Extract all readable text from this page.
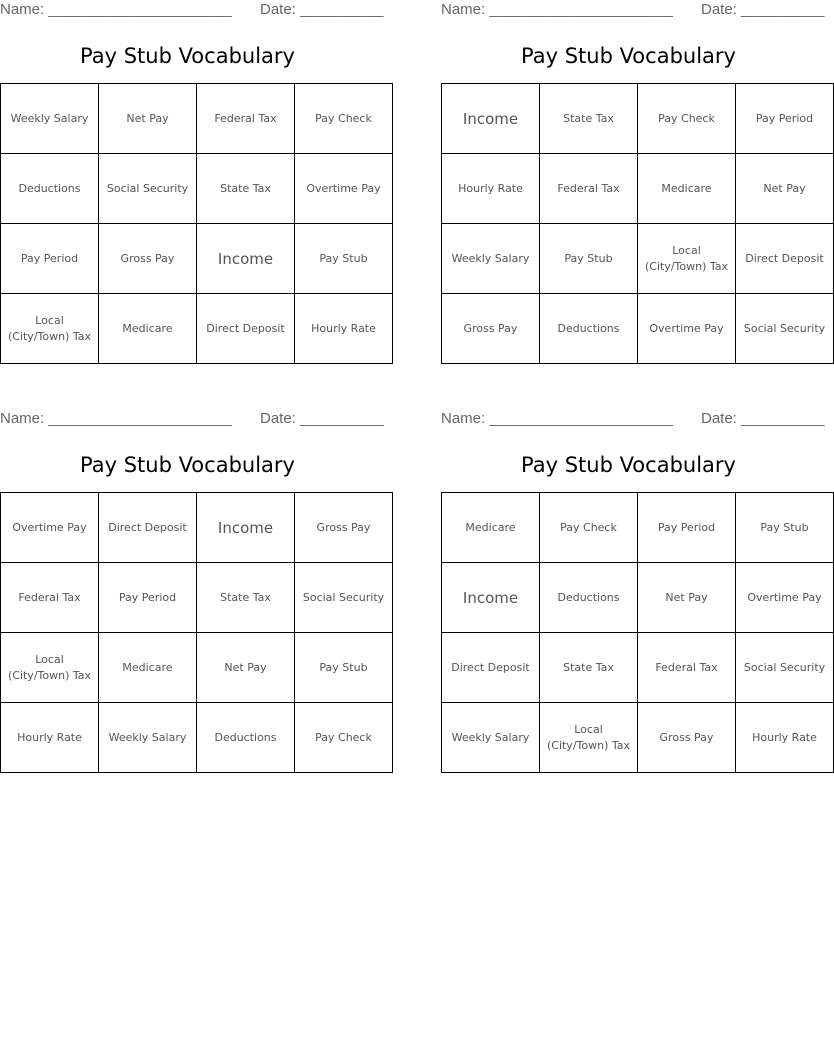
Name: ______________________ Date: __________
Pay Stub Vocabulary
Weekly Salary	Net Pay	Federal Tax	Pay Check
Deductions	Social Security	State Tax	Overtime Pay
Pay Period	Gross Pay	Income	Pay Stub
Local (City/Town) Tax	Medicare	Direct Deposit	Hourly Rate
Name: ______________________ Date: __________
Pay Stub Vocabulary
Income	State Tax	Pay Check	Pay Period
Hourly Rate	Federal Tax	Medicare	Net Pay
Weekly Salary	Pay Stub	Local (City/Town) Tax	Direct Deposit
Gross Pay	Deductions	Overtime Pay	Social Security
Name: ______________________ Date: __________
Pay Stub Vocabulary
Overtime Pay	Direct Deposit	Income	Gross Pay
Federal Tax	Pay Period	State Tax	Social Security
Local (City/Town) Tax	Medicare	Net Pay	Pay Stub
Hourly Rate	Weekly Salary	Deductions	Pay Check
Name: ______________________ Date: __________
Pay Stub Vocabulary
Medicare	Pay Check	Pay Period	Pay Stub
Income	Deductions	Net Pay	Overtime Pay
Direct Deposit	State Tax	Federal Tax	Social Security
Weekly Salary	Local (City/Town) Tax	Gross Pay	Hourly Rate
